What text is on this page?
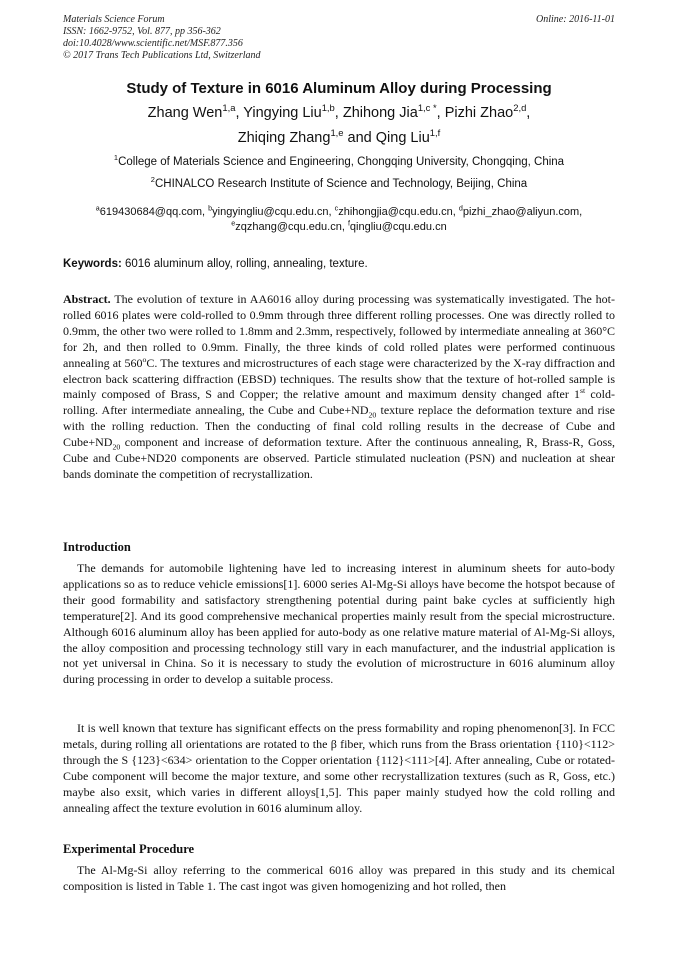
Materials Science Forum
ISSN: 1662-9752, Vol. 877, pp 356-362
doi:10.4028/www.scientific.net/MSF.877.356
© 2017 Trans Tech Publications Ltd, Switzerland
Online: 2016-11-01
Study of Texture in 6016 Aluminum Alloy during Processing
Zhang Wen$^{1,a}$, Yingying Liu$^{1,b}$, Zhihong Jia$^{1,c *}$, Pizhi Zhao$^{2,d}$,
Zhiqing Zhang$^{1,e}$ and Qing Liu$^{1,f}$
$^1$College of Materials Science and Engineering, Chongqing University, Chongqing, China
$^2$CHINALCO Research Institute of Science and Technology, Beijing, China
$^a$619430684@qq.com, $^b$yingyingliu@cqu.edu.cn, $^c$zhihongjia@cqu.edu.cn, $^d$pizhi_zhao@aliyun.com,
$^e$zqzhang@cqu.edu.cn, $^f$qingliu@cqu.edu.cn
Keywords: 6016 aluminum alloy, rolling, annealing, texture.

Abstract. The evolution of texture in AA6016 alloy during processing was systematically investigated. The hot-rolled 6016 plates were cold-rolled to 0.9mm through three different rolling processes. One was directly rolled to 0.9mm, the other two were rolled to 1.8mm and 2.3mm, respectively, followed by intermediate annealing at 360°C for 2h, and then rolled to 0.9mm. Finally, the three kinds of cold rolled plates were performed continuous annealing at 560$^o$C. The textures and microstructures of each stage were characterized by the X-ray diffraction and electron back scattering diffraction (EBSD) techniques. The results show that the texture of hot-rolled sample is mainly composed of Brass, S and Copper; the relative amount and maximum density changed after 1st cold-rolling. After intermediate annealing, the Cube and $Cube+ND_{20}$ texture replace the deformation texture and rise with the rolling reduction. Then the conducting of final cold rolling results in the decrease of Cube and $Cube+ND_{20}$ component and increase of deformation texture. After the continuous annealing, R, Brass-R, Goss, Cube and Cube+ND20 components are observed. Particle stimulated nucleation (PSN) and nucleation at shear bands dominate the competition of recrystallization.

Introduction

The demands for automobile lightening have led to increasing interest in aluminum sheets for auto-body applications so as to reduce vehicle emissions[1]. 6000 series Al-Mg-Si alloys have become the hotspot because of their good formability and satisfactory strengthening potential during paint bake cycles at sufficiently high temperature[2]. And its good comprehensive mechanical properties mainly result from the special microstructure. Although 6016 aluminum alloy has been applied for auto-body as one relative mature material of Al-Mg-Si alloys, the alloy composition and processing technology still vary in each manufacturer, and the industrial application is not yet universal in China. So it is necessary to study the evolution of microstructure in 6016 aluminum alloy during processing in order to develop a suitable process.

It is well known that texture has significant effects on the press formability and roping phenomenon[3]. In FCC metals, during rolling all orientations are rotated to the β fiber, which runs from the Brass orientation {110}<112> through the S {123}<634> orientation to the Copper orientation {112}<111>[4]. After annealing, Cube or rotated-Cube component will become the major texture, and some other recrystallization textures (such as R, Goss, etc.) maybe also exsit, which varies in different alloys[1,5]. This paper mainly studyed how the cold rolling and annealing affect the texture evolution in 6016 aluminum alloy.

Experimental Procedure

The Al-Mg-Si alloy referring to the commerical 6016 alloy was prepared in this study and its chemical composition is listed in Table 1. The cast ingot was given homogenizing and hot rolled, then
